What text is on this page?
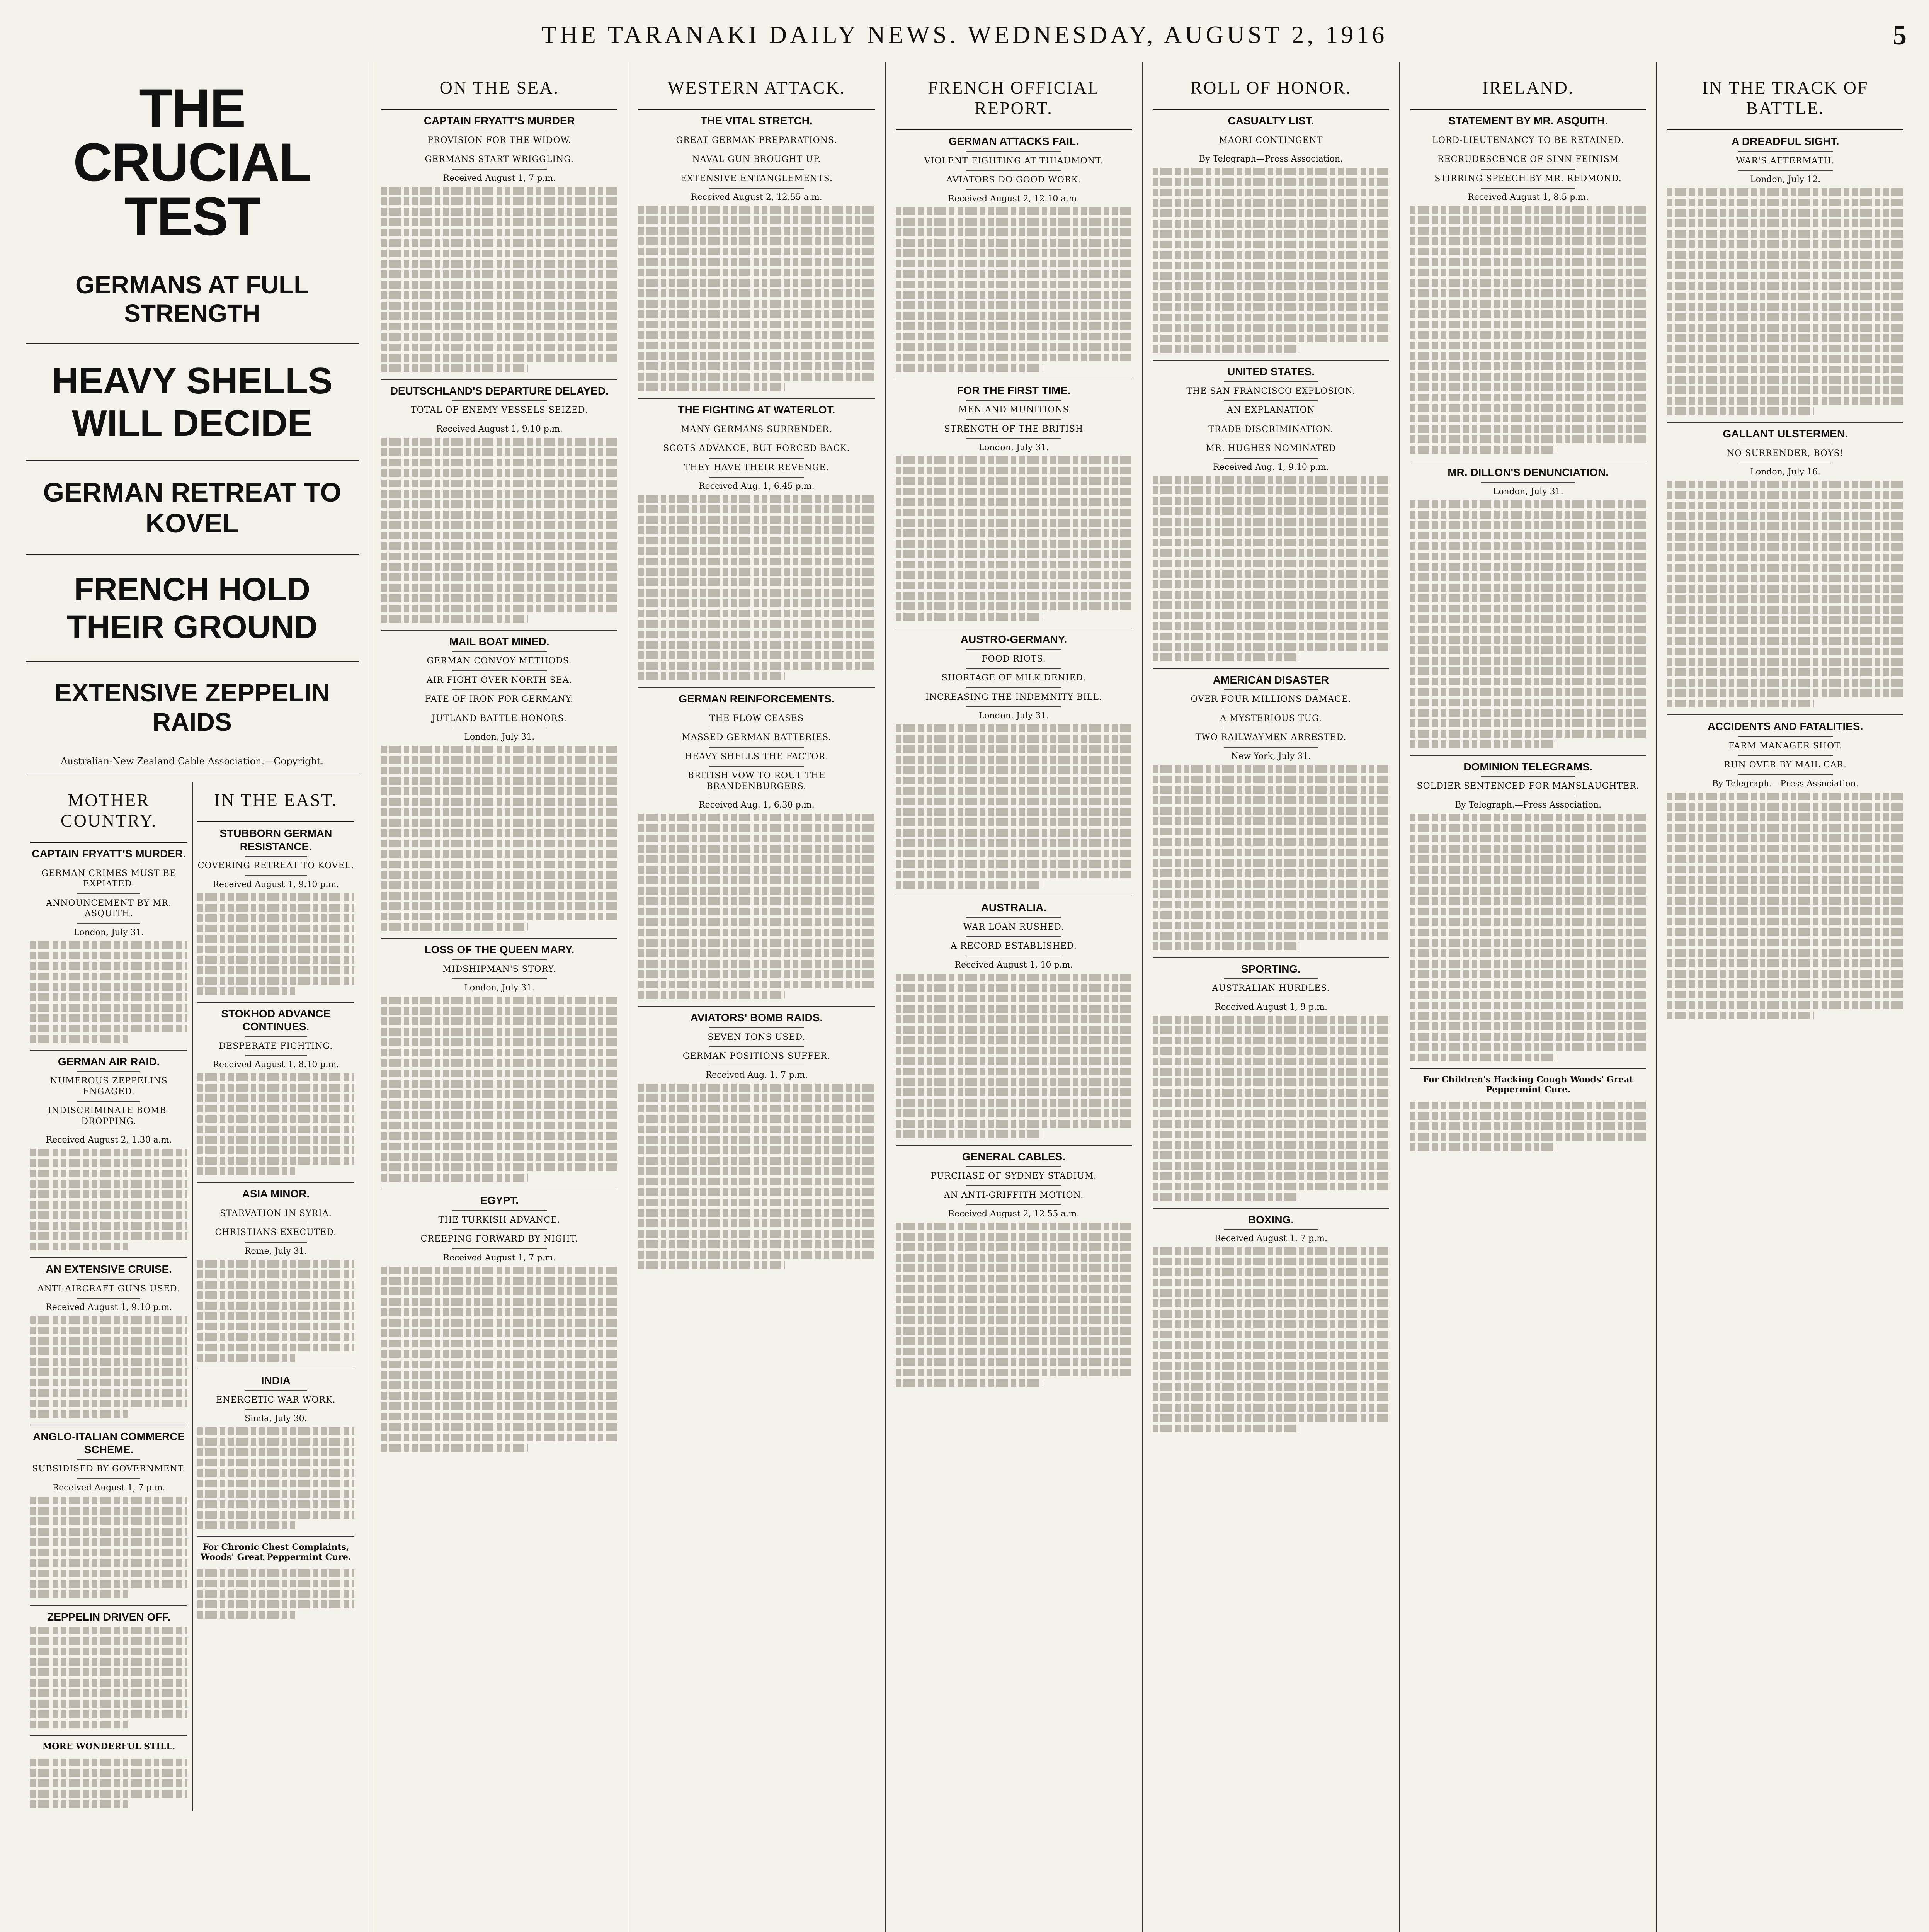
THE TARANAKI DAILY NEWS. WEDNESDAY, AUGUST 2, 1916	5
THE CRUCIAL TEST
GERMANS AT FULL STRENGTH
HEAVY SHELLS WILL DECIDE
GERMAN RETREAT TO KOVEL
FRENCH HOLD THEIR GROUND
EXTENSIVE ZEPPELIN RAIDS
Australian-New Zealand Cable Association.—Copyright.
MOTHER COUNTRY.
CAPTAIN FRYATT'S MURDER.
GERMAN CRIMES MUST BE EXPIATED.
ANNOUNCEMENT BY MR. ASQUITH.
London, July 31.
GERMAN AIR RAID.
NUMEROUS ZEPPELINS ENGAGED.
INDISCRIMINATE BOMB-DROPPING.
Received August 2, 1.30 a.m.
AN EXTENSIVE CRUISE.
ANTI-AIRCRAFT GUNS USED.
Received August 1, 9.10 p.m.
ANGLO-ITALIAN COMMERCE SCHEME.
SUBSIDISED BY GOVERNMENT.
Received August 1, 7 p.m.
ZEPPELIN DRIVEN OFF.
MORE WONDERFUL STILL.
IN THE EAST.
STUBBORN GERMAN RESISTANCE.
COVERING RETREAT TO KOVEL.
Received August 1, 9.10 p.m.
STOKHOD ADVANCE CONTINUES.
DESPERATE FIGHTING.
Received August 1, 8.10 p.m.
ASIA MINOR.
STARVATION IN SYRIA.
CHRISTIANS EXECUTED.
Rome, July 31.
INDIA
ENERGETIC WAR WORK.
Simla, July 30.
For Chronic Chest Complaints, Woods' Great Peppermint Cure.
ON THE SEA.
CAPTAIN FRYATT'S MURDER
PROVISION FOR THE WIDOW.
GERMANS START WRIGGLING.
Received August 1, 7 p.m.
DEUTSCHLAND'S DEPARTURE DELAYED.
TOTAL OF ENEMY VESSELS SEIZED.
Received August 1, 9.10 p.m.
MAIL BOAT MINED.
GERMAN CONVOY METHODS.
AIR FIGHT OVER NORTH SEA.
FATE OF IRON FOR GERMANY.
JUTLAND BATTLE HONORS.
London, July 31.
LOSS OF THE QUEEN MARY.
MIDSHIPMAN'S STORY.
London, July 31.
EGYPT.
THE TURKISH ADVANCE.
CREEPING FORWARD BY NIGHT.
Received August 1, 7 p.m.
WESTERN ATTACK.
THE VITAL STRETCH.
GREAT GERMAN PREPARATIONS.
NAVAL GUN BROUGHT UP.
EXTENSIVE ENTANGLEMENTS.
Received August 2, 12.55 a.m.
THE FIGHTING AT WATERLOT.
MANY GERMANS SURRENDER.
SCOTS ADVANCE, BUT FORCED BACK.
THEY HAVE THEIR REVENGE.
Received Aug. 1, 6.45 p.m.
GERMAN REINFORCEMENTS.
THE FLOW CEASES
MASSED GERMAN BATTERIES.
HEAVY SHELLS THE FACTOR.
BRITISH VOW TO ROUT THE BRANDENBURGERS.
Received Aug. 1, 6.30 p.m.
AVIATORS' BOMB RAIDS.
SEVEN TONS USED.
GERMAN POSITIONS SUFFER.
Received Aug. 1, 7 p.m.
FRENCH OFFICIAL REPORT.
GERMAN ATTACKS FAIL.
VIOLENT FIGHTING AT THIAUMONT.
AVIATORS DO GOOD WORK.
Received August 2, 12.10 a.m.
FOR THE FIRST TIME.
MEN AND MUNITIONS
STRENGTH OF THE BRITISH
London, July 31.
AUSTRO-GERMANY.
FOOD RIOTS.
SHORTAGE OF MILK DENIED.
INCREASING THE INDEMNITY BILL.
London, July 31.
AUSTRALIA.
WAR LOAN RUSHED.
A RECORD ESTABLISHED.
Received August 1, 10 p.m.
GENERAL CABLES.
PURCHASE OF SYDNEY STADIUM.
AN ANTI-GRIFFITH MOTION.
Received August 2, 12.55 a.m.
ROLL OF HONOR.
CASUALTY LIST.
MAORI CONTINGENT
By Telegraph—Press Association.
UNITED STATES.
THE SAN FRANCISCO EXPLOSION.
AN EXPLANATION
TRADE DISCRIMINATION.
MR. HUGHES NOMINATED
Received Aug. 1, 9.10 p.m.
AMERICAN DISASTER
OVER FOUR MILLIONS DAMAGE.
A MYSTERIOUS TUG.
TWO RAILWAYMEN ARRESTED.
New York, July 31.
SPORTING.
AUSTRALIAN HURDLES.
Received August 1, 9 p.m.
BOXING.
Received August 1, 7 p.m.
IRELAND.
STATEMENT BY MR. ASQUITH.
LORD-LIEUTENANCY TO BE RETAINED.
RECRUDESCENCE OF SINN FEINISM
STIRRING SPEECH BY MR. REDMOND.
Received August 1, 8.5 p.m.
MR. DILLON'S DENUNCIATION.
London, July 31.
DOMINION TELEGRAMS.
SOLDIER SENTENCED FOR MANSLAUGHTER.
By Telegraph.—Press Association.
For Children's Hacking Cough Woods' Great Peppermint Cure.
IN THE TRACK OF BATTLE.
A DREADFUL SIGHT.
WAR'S AFTERMATH.
London, July 12.
GALLANT ULSTERMEN.
NO SURRENDER, BOYS!
London, July 16.
ACCIDENTS AND FATALITIES.
FARM MANAGER SHOT.
RUN OVER BY MAIL CAR.
By Telegraph.—Press Association.
